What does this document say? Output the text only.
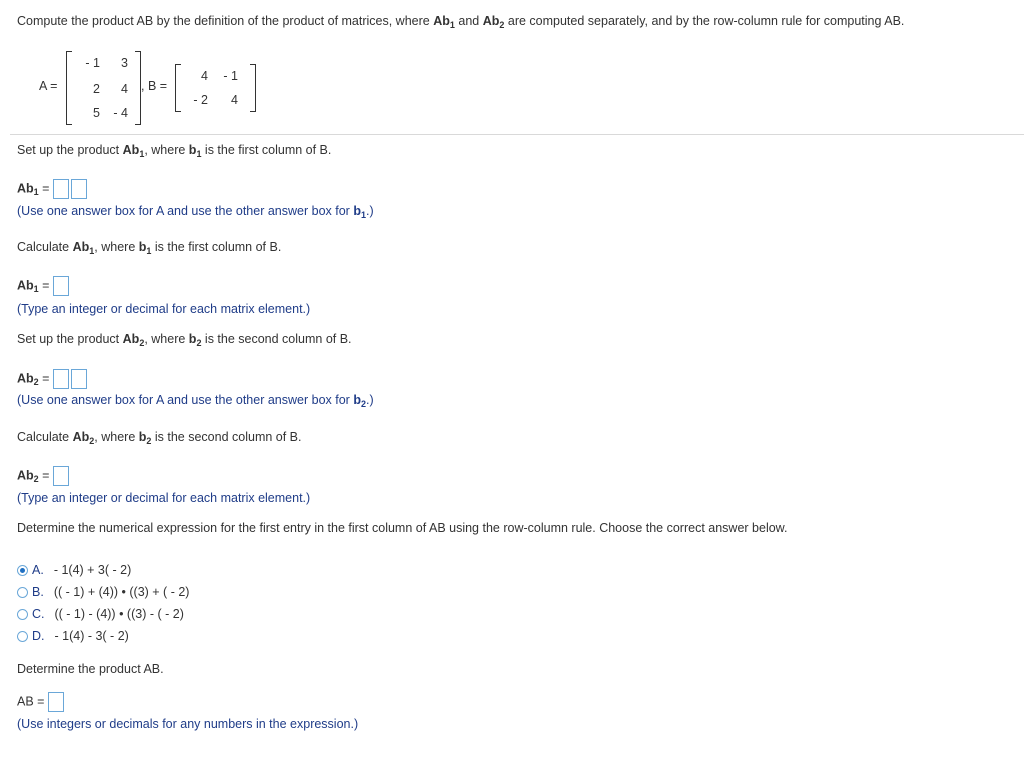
Compute the product AB by the definition of the product of matrices, where $Ab_1$ and $Ab_2$ are computed separately, and by the row-column rule for computing AB.
A =
- 1	3
2	4
5	- 4
, B =
4	- 1
- 2	4
Set up the product $Ab_1$, where $b_1$ is the first column of B.
$Ab_1$ =
(Use one answer box for A and use the other answer box for $b_1$.)
Calculate $Ab_1$, where $b_1$ is the first column of B.
$Ab_1$ =
(Type an integer or decimal for each matrix element.)
Set up the product $Ab_2$, where $b_2$ is the second column of B.
$Ab_2$ =
(Use one answer box for A and use the other answer box for $b_2$.)
Calculate $Ab_2$, where $b_2$ is the second column of B.
$Ab_2$ =
(Type an integer or decimal for each matrix element.)
Determine the numerical expression for the first entry in the first column of AB using the row-column rule. Choose the correct answer below.
A. - 1(4) + 3( - 2)
B. (( - 1) + (4)) • ((3) + ( - 2)
C. (( - 1) - (4)) • ((3) - ( - 2)
D. - 1(4) - 3( - 2)
Determine the product AB.
AB =
(Use integers or decimals for any numbers in the expression.)
